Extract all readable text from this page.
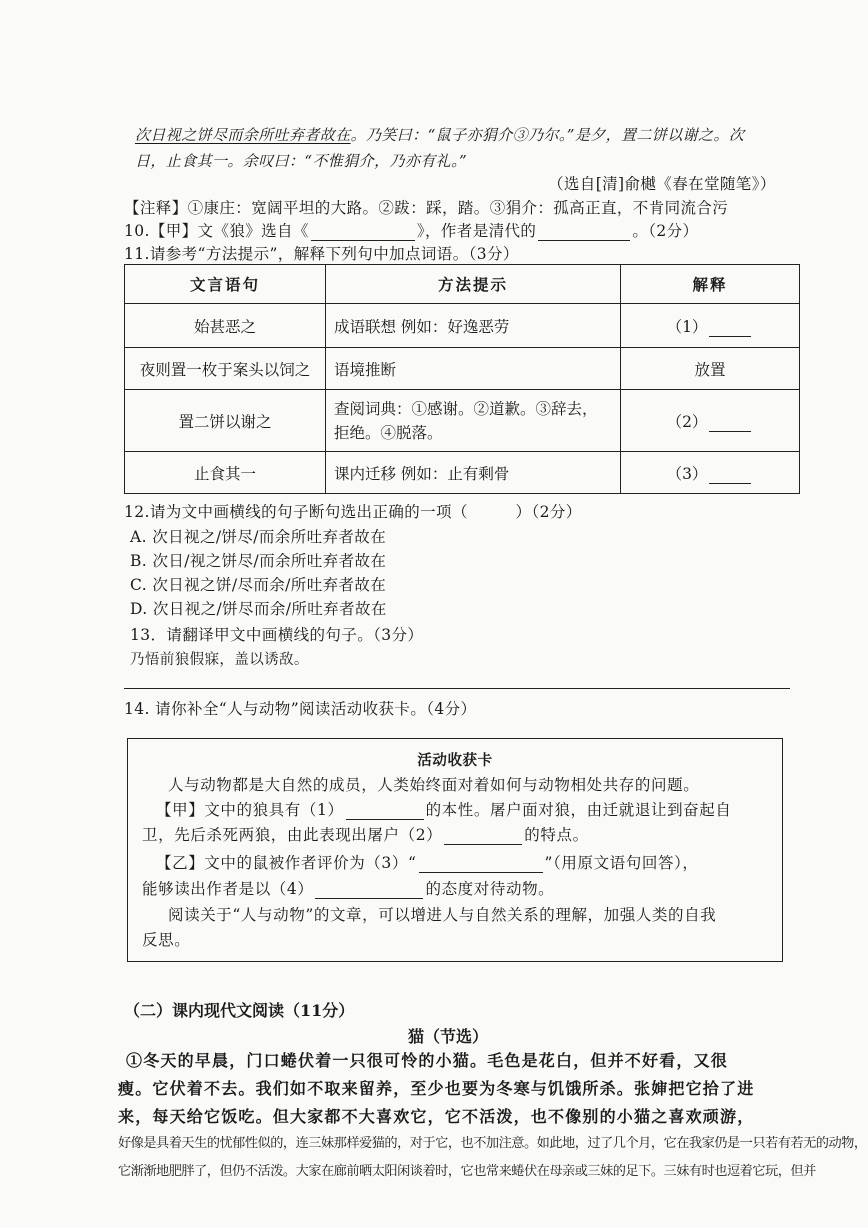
次日视之饼尽而余所吐弃者故在。乃笑曰：“鼠子亦狷介③乃尔。”是夕，置二饼以谢之。次
日，止食其一。余叹曰：“不惟狷介，乃亦有礼。”
（选自[清]俞樾《春在堂随笔》）
【注释】①康庄：宽阔平坦的大路。②跋：踩，踏。③狷介：孤高正直，不肯同流合污
10.【甲】文《狼》选自《	》，作者是清代的	。（2分）
11.请参考“方法提示”，解释下列句中加点词语。（3分）
文言语句	方法提示	解释
始甚恶之	成语联想 例如：好逸恶劳	（1）
夜则置一枚于案头以饲之	语境推断	放置
置二饼以谢之	查阅词典：①感谢。②道歉。③辞去，拒绝。④脱落。	（2）
止食其一	课内迁移 例如：止有剩骨	（3）
12.请为文中画横线的句子断句选出正确的一项（　　　）（2分）
A. 次日视之/饼尽/而余所吐弃者故在
B. 次日/视之饼尽/而余所吐弃者故在
C. 次日视之饼/尽而余/所吐弃者故在
D. 次日视之/饼尽而余/所吐弃者故在
13．请翻译甲文中画横线的句子。（3分）
乃悟前狼假寐，盖以诱敌。
14. 请你补全“人与动物”阅读活动收获卡。（4分）
活动收获卡
人与动物都是大自然的成员，人类始终面对着如何与动物相处共存的问题。
【甲】文中的狼具有（1）	的本性。屠户面对狼，由迁就退让到奋起自
卫，先后杀死两狼，由此表现出屠户（2）	的特点。
【乙】文中的鼠被作者评价为（3）“	”（用原文语句回答），
能够读出作者是以（4）	的态度对待动物。
阅读关于“人与动物”的文章，可以增进人与自然关系的理解，加强人类的自我
反思。
（二）课内现代文阅读（11分）
猫（节选）
①冬天的早晨，门口蜷伏着一只很可怜的小猫。毛色是花白，但并不好看，又很
瘦。它伏着不去。我们如不取来留养，至少也要为冬寒与饥饿所杀。张婶把它拾了进
来，每天给它饭吃。但大家都不大喜欢它，它不活泼，也不像别的小猫之喜欢顽游，
好像是具着天生的忧郁性似的，连三妹那样爱猫的，对于它，也不加注意。如此地，过了几个月，它在我家仍是一只若有若无的动物，
它渐渐地肥胖了，但仍不活泼。大家在廊前晒太阳闲谈着时，它也常来蜷伏在母亲或三妹的足下。三妹有时也逗着它玩，但并
